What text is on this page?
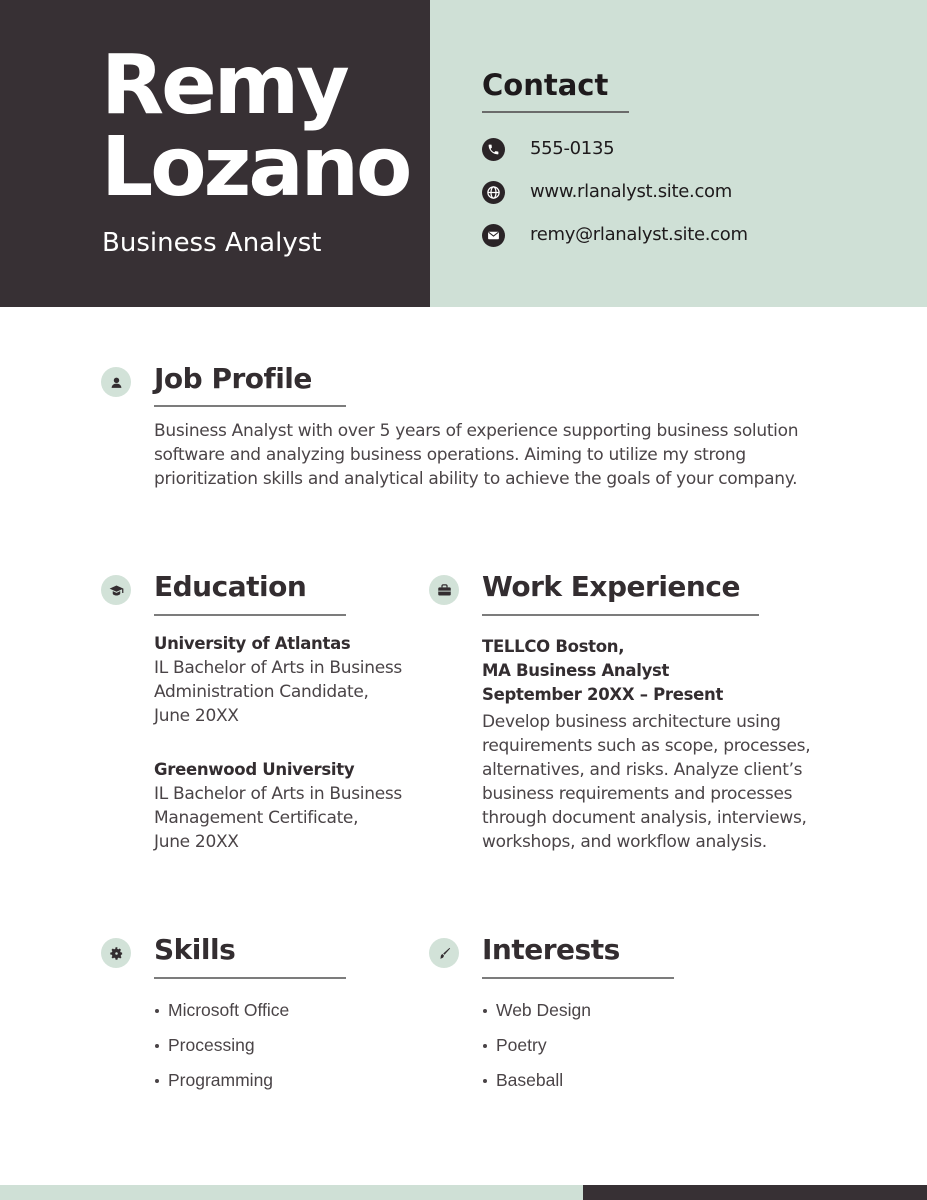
Remy
Lozano
Business Analyst
Contact
555-0135
www.rlanalyst.site.com
remy@rlanalyst.site.com
Job Profile
Business Analyst with over 5 years of experience supporting business solution
software and analyzing business operations. Aiming to utilize my strong
prioritization skills and analytical ability to achieve the goals of your company.
Education
University of Atlantas
IL Bachelor of Arts in Business
Administration Candidate,
June 20XX
Greenwood University
IL Bachelor of Arts in Business
Management Certificate,
June 20XX
Work Experience
TELLCO Boston,
MA Business Analyst
September 20XX – Present
Develop business architecture using
requirements such as scope, processes,
alternatives, and risks. Analyze client’s
business requirements and processes
through document analysis, interviews,
workshops, and workflow analysis.
Skills
Microsoft Office
Processing
Programming
Interests
Web Design
Poetry
Baseball
